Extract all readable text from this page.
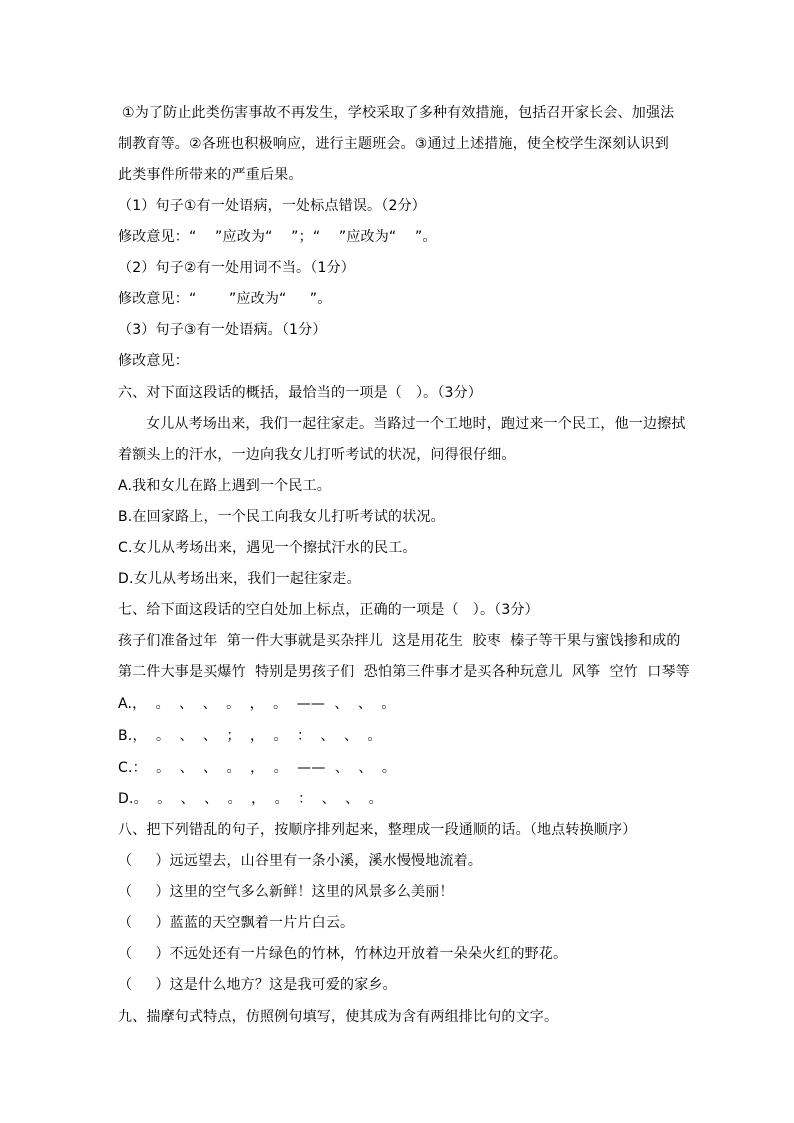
①为了防止此类伤害事故不再发生，学校采取了多种有效措施，包括召开家长会、加强法
制教育等。②各班也积极响应，进行主题班会。③通过上述措施，使全校学生深刻认识到
此类事件所带来的严重后果。
（1）句子①有一处语病，一处标点错误。（2分）
修改意见：“    ”应改为“    ”；“    ”应改为“    ”。
（2）句子②有一处用词不当。（1分）
修改意见：“       ”应改为“     ”。
（3）句子③有一处语病。（1分）
修改意见：
六、对下面这段话的概括，最恰当的一项是（   ）。（3分）
女儿从考场出来，我们一起往家走。当路过一个工地时，跑过来一个民工，他一边擦拭
着额头上的汗水，一边向我女儿打听考试的状况，问得很仔细。
A.我和女儿在路上遇到一个民工。
B.在回家路上，一个民工向我女儿打听考试的状况。
C.女儿从考场出来，遇见一个擦拭汗水的民工。
D.女儿从考场出来，我们一起往家走。
七、给下面这段话的空白处加上标点，正确的一项是（   ）。（3分）
孩子们准备过年  第一件大事就是买杂拌儿  这是用花生  胶枣  榛子等干果与蜜饯掺和成的
第二件大事是买爆竹  特别是男孩子们  恐怕第三件事才是买各种玩意儿  风筝  空竹  口琴等
A.，  。  、  、  。  ，  。  ——  、  、  。
B.，  。  、  、  ；  ，  。  ：  、  、  。
C.：  。  、  、  。  ，  。  ——  、  、  。
D.。  。  、  、  。  ，  。  ：  、  、  。
八、把下列错乱的句子，按顺序排列起来，整理成一段通顺的话。（地点转换顺序）
（     ）远远望去，山谷里有一条小溪，溪水慢慢地流着。
（     ）这里的空气多么新鲜！这里的风景多么美丽！
（     ）蓝蓝的天空飘着一片片白云。
（     ）不远处还有一片绿色的竹林，竹林边开放着一朵朵火红的野花。
（     ）这是什么地方？这是我可爱的家乡。
九、揣摩句式特点，仿照例句填写，使其成为含有两组排比句的文字。
